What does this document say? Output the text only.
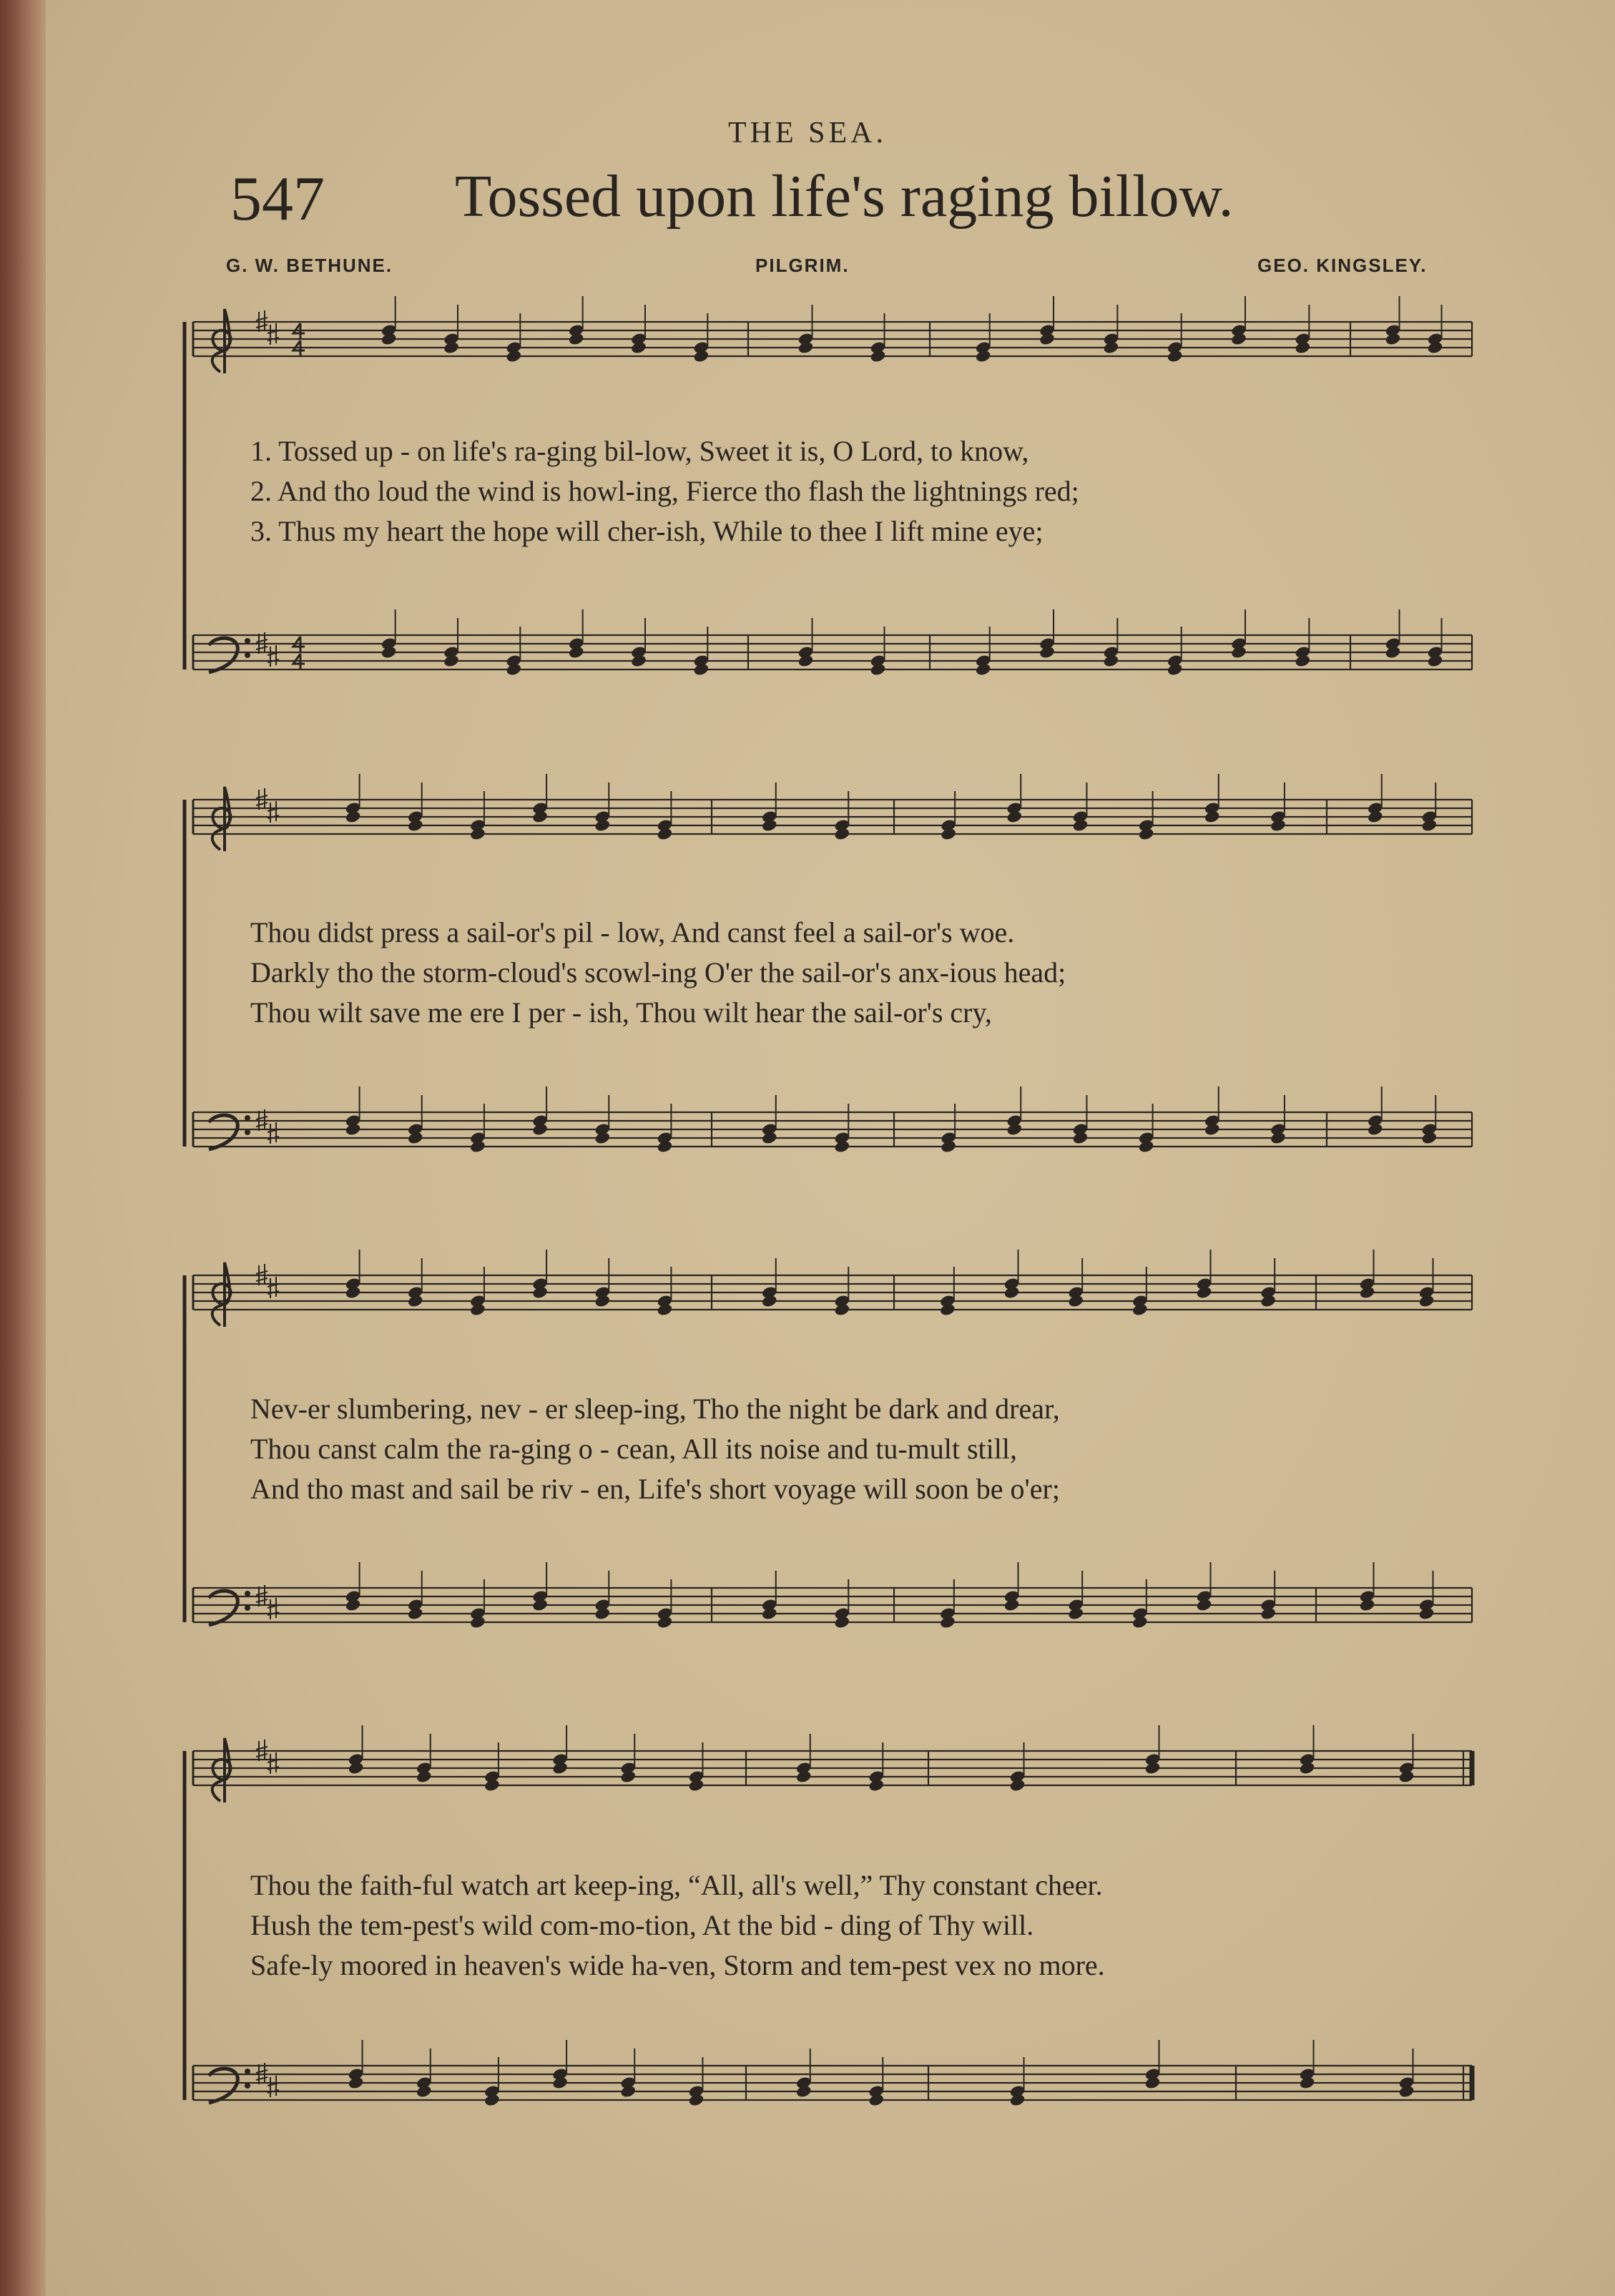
THE SEA.
547 Tossed upon life's raging billow.
G. W. BETHUNE.	PILGRIM.	GEO. KINGSLEY.
1. Tossed up - on life's ra-ging bil-low, Sweet it is, O Lord, to know,
2. And tho loud the wind is howl-ing, Fierce tho flash the lightnings red;
3. Thus my heart the hope will cher-ish, While to thee I lift mine eye;
Thou didst press a sail-or's pil - low, And canst feel a sail-or's woe.
Darkly tho the storm-cloud's scowl-ing O'er the sail-or's anx-ious head;
Thou wilt save me ere I per - ish, Thou wilt hear the sail-or's cry,
Nev-er slumbering, nev - er sleep-ing, Tho the night be dark and drear,
Thou canst calm the ra-ging o - cean, All its noise and tu-mult still,
And tho mast and sail be riv - en, Life's short voyage will soon be o'er;
Thou the faith-ful watch art keep-ing, “All, all's well,” Thy constant cheer.
Hush the tem-pest's wild com-mo-tion, At the bid - ding of Thy will.
Safe-ly moored in heaven's wide ha-ven, Storm and tem-pest vex no more.
